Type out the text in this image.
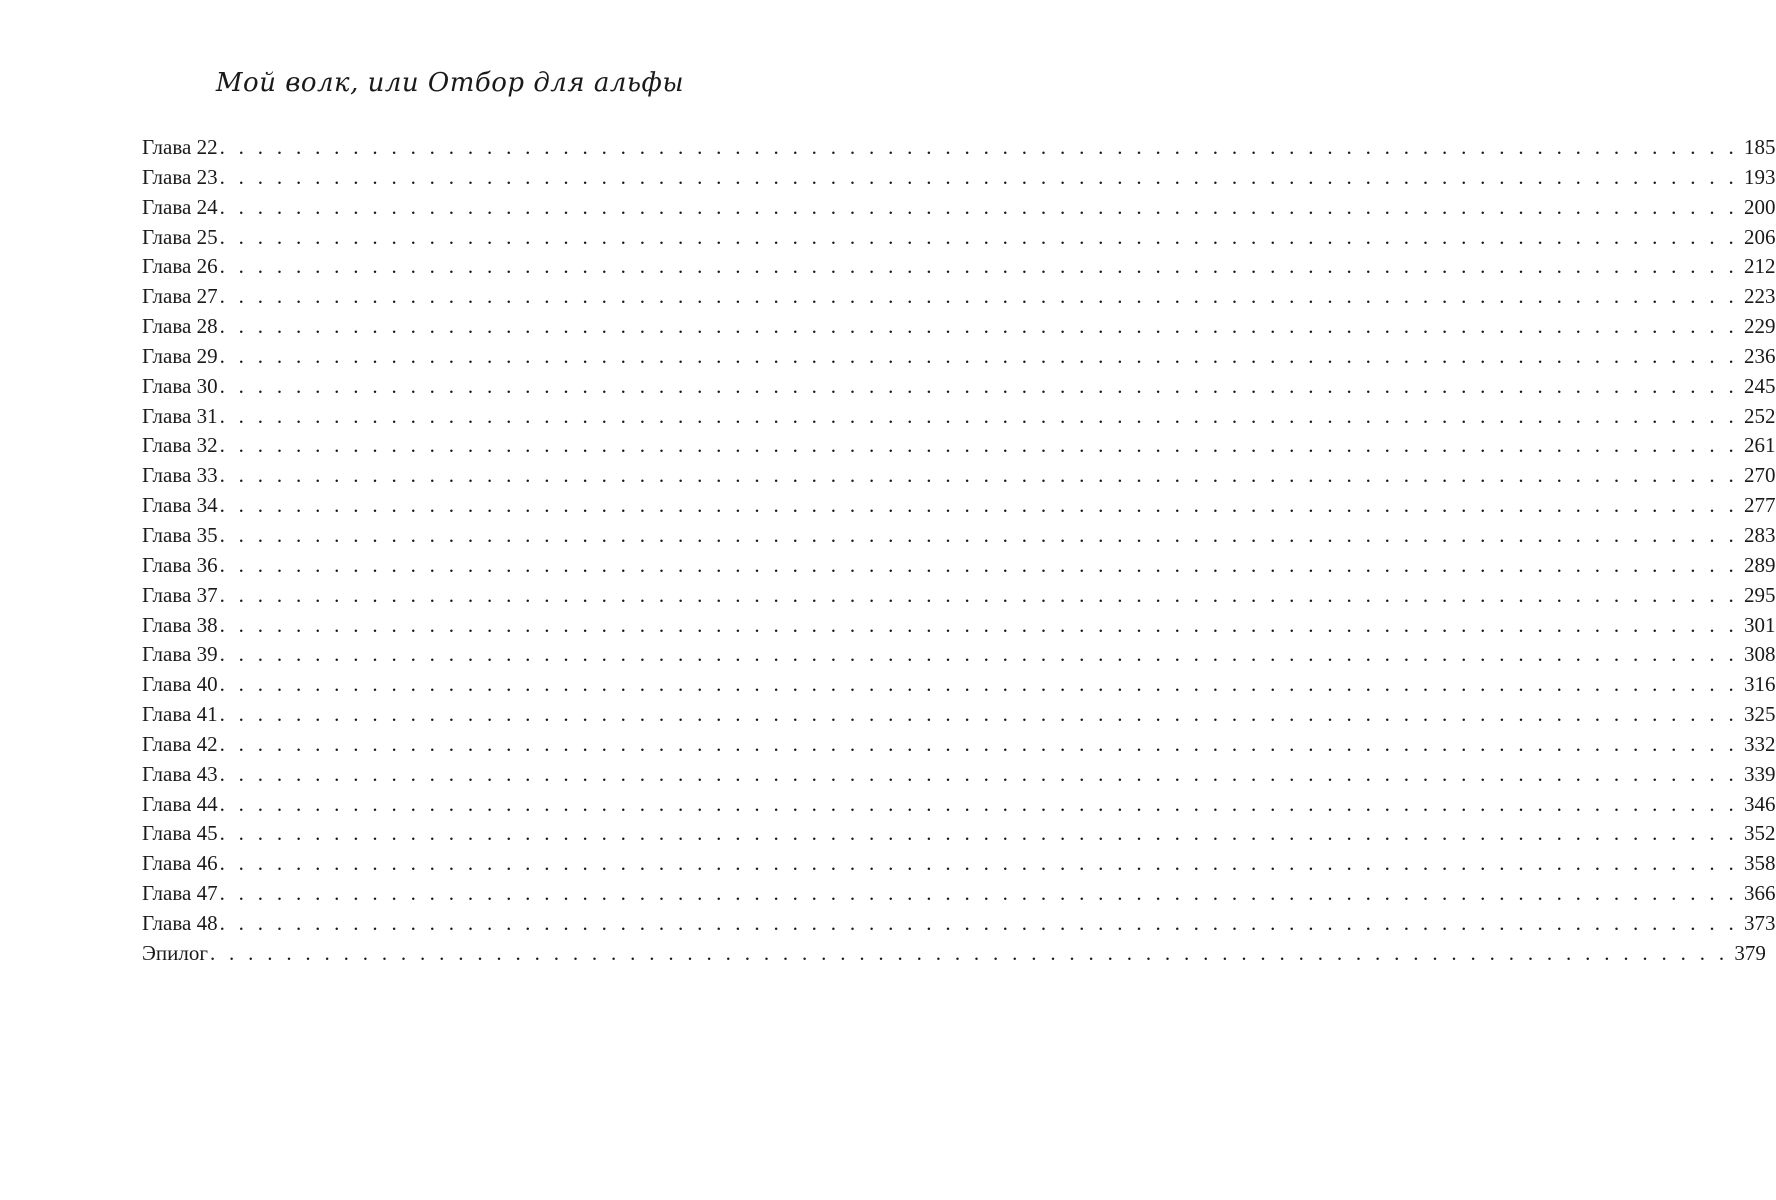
Мой волк, или Отбор для альфы
Глава 22 . . . . . . . . . . . . . . . . . . . . . . . . . . . . . . . . . . . . . . . . . . . . . . . . . . . . . . . . . . . . . . . . . . . . . . . . . . . . . . . . 185
Глава 23 . . . . . . . . . . . . . . . . . . . . . . . . . . . . . . . . . . . . . . . . . . . . . . . . . . . . . . . . . . . . . . . . . . . . . . . . . . . . . . . . 193
Глава 24 . . . . . . . . . . . . . . . . . . . . . . . . . . . . . . . . . . . . . . . . . . . . . . . . . . . . . . . . . . . . . . . . . . . . . . . . . . . . . . . . 200
Глава 25 . . . . . . . . . . . . . . . . . . . . . . . . . . . . . . . . . . . . . . . . . . . . . . . . . . . . . . . . . . . . . . . . . . . . . . . . . . . . . . . . 206
Глава 26 . . . . . . . . . . . . . . . . . . . . . . . . . . . . . . . . . . . . . . . . . . . . . . . . . . . . . . . . . . . . . . . . . . . . . . . . . . . . . . . . 212
Глава 27 . . . . . . . . . . . . . . . . . . . . . . . . . . . . . . . . . . . . . . . . . . . . . . . . . . . . . . . . . . . . . . . . . . . . . . . . . . . . . . . . 223
Глава 28 . . . . . . . . . . . . . . . . . . . . . . . . . . . . . . . . . . . . . . . . . . . . . . . . . . . . . . . . . . . . . . . . . . . . . . . . . . . . . . . . 229
Глава 29 . . . . . . . . . . . . . . . . . . . . . . . . . . . . . . . . . . . . . . . . . . . . . . . . . . . . . . . . . . . . . . . . . . . . . . . . . . . . . . . . 236
Глава 30 . . . . . . . . . . . . . . . . . . . . . . . . . . . . . . . . . . . . . . . . . . . . . . . . . . . . . . . . . . . . . . . . . . . . . . . . . . . . . . . . 245
Глава 31 . . . . . . . . . . . . . . . . . . . . . . . . . . . . . . . . . . . . . . . . . . . . . . . . . . . . . . . . . . . . . . . . . . . . . . . . . . . . . . . . 252
Глава 32 . . . . . . . . . . . . . . . . . . . . . . . . . . . . . . . . . . . . . . . . . . . . . . . . . . . . . . . . . . . . . . . . . . . . . . . . . . . . . . . . 261
Глава 33 . . . . . . . . . . . . . . . . . . . . . . . . . . . . . . . . . . . . . . . . . . . . . . . . . . . . . . . . . . . . . . . . . . . . . . . . . . . . . . . . 270
Глава 34 . . . . . . . . . . . . . . . . . . . . . . . . . . . . . . . . . . . . . . . . . . . . . . . . . . . . . . . . . . . . . . . . . . . . . . . . . . . . . . . . 277
Глава 35 . . . . . . . . . . . . . . . . . . . . . . . . . . . . . . . . . . . . . . . . . . . . . . . . . . . . . . . . . . . . . . . . . . . . . . . . . . . . . . . . 283
Глава 36 . . . . . . . . . . . . . . . . . . . . . . . . . . . . . . . . . . . . . . . . . . . . . . . . . . . . . . . . . . . . . . . . . . . . . . . . . . . . . . . . 289
Глава 37 . . . . . . . . . . . . . . . . . . . . . . . . . . . . . . . . . . . . . . . . . . . . . . . . . . . . . . . . . . . . . . . . . . . . . . . . . . . . . . . . 295
Глава 38 . . . . . . . . . . . . . . . . . . . . . . . . . . . . . . . . . . . . . . . . . . . . . . . . . . . . . . . . . . . . . . . . . . . . . . . . . . . . . . . . 301
Глава 39 . . . . . . . . . . . . . . . . . . . . . . . . . . . . . . . . . . . . . . . . . . . . . . . . . . . . . . . . . . . . . . . . . . . . . . . . . . . . . . . . 308
Глава 40 . . . . . . . . . . . . . . . . . . . . . . . . . . . . . . . . . . . . . . . . . . . . . . . . . . . . . . . . . . . . . . . . . . . . . . . . . . . . . . . . 316
Глава 41 . . . . . . . . . . . . . . . . . . . . . . . . . . . . . . . . . . . . . . . . . . . . . . . . . . . . . . . . . . . . . . . . . . . . . . . . . . . . . . . . 325
Глава 42 . . . . . . . . . . . . . . . . . . . . . . . . . . . . . . . . . . . . . . . . . . . . . . . . . . . . . . . . . . . . . . . . . . . . . . . . . . . . . . . . 332
Глава 43 . . . . . . . . . . . . . . . . . . . . . . . . . . . . . . . . . . . . . . . . . . . . . . . . . . . . . . . . . . . . . . . . . . . . . . . . . . . . . . . . 339
Глава 44 . . . . . . . . . . . . . . . . . . . . . . . . . . . . . . . . . . . . . . . . . . . . . . . . . . . . . . . . . . . . . . . . . . . . . . . . . . . . . . . . 346
Глава 45 . . . . . . . . . . . . . . . . . . . . . . . . . . . . . . . . . . . . . . . . . . . . . . . . . . . . . . . . . . . . . . . . . . . . . . . . . . . . . . . . 352
Глава 46 . . . . . . . . . . . . . . . . . . . . . . . . . . . . . . . . . . . . . . . . . . . . . . . . . . . . . . . . . . . . . . . . . . . . . . . . . . . . . . . . 358
Глава 47 . . . . . . . . . . . . . . . . . . . . . . . . . . . . . . . . . . . . . . . . . . . . . . . . . . . . . . . . . . . . . . . . . . . . . . . . . . . . . . . . 366
Глава 48 . . . . . . . . . . . . . . . . . . . . . . . . . . . . . . . . . . . . . . . . . . . . . . . . . . . . . . . . . . . . . . . . . . . . . . . . . . . . . . . . 373
Эпилог . . . . . . . . . . . . . . . . . . . . . . . . . . . . . . . . . . . . . . . . . . . . . . . . . . . . . . . . . . . . . . . . . . . . . . . . . . . . . . . . 379
